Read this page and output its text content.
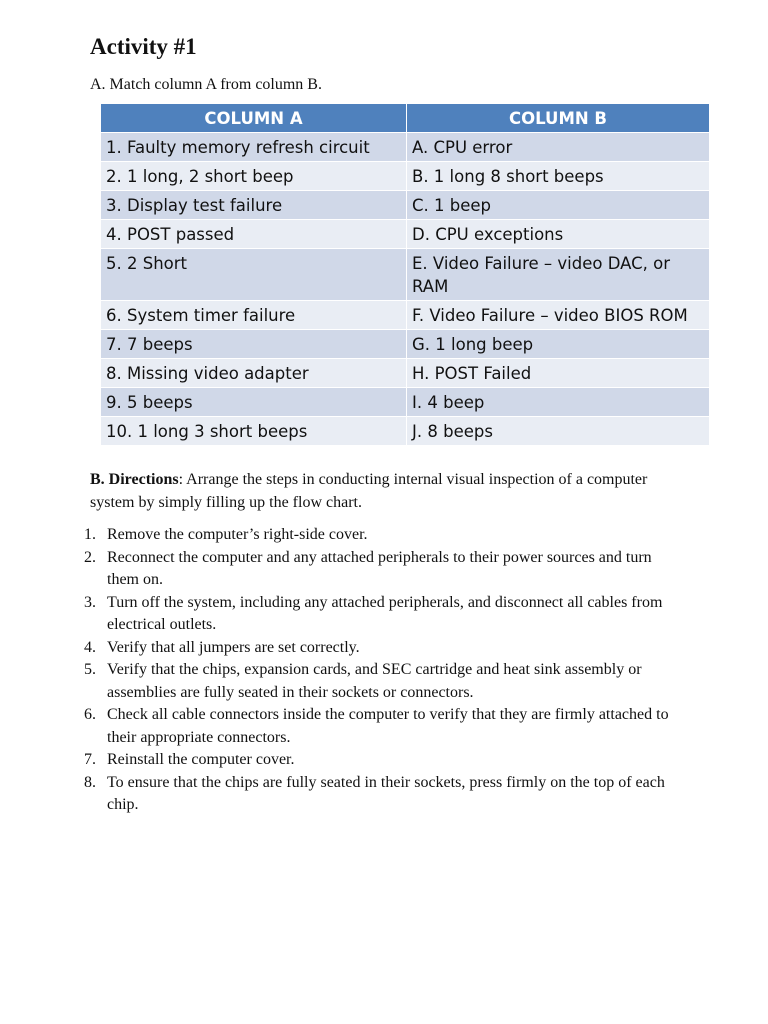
Activity #1

A. Match column A from column B.

COLUMN A	COLUMN B
1. Faulty memory refresh circuit	A. CPU error
2. 1 long, 2 short beep	B. 1 long 8 short beeps
3. Display test failure	C. 1 beep
4. POST passed	D. CPU exceptions
5. 2 Short	E. Video Failure – video DAC, or RAM
6. System timer failure	F. Video Failure – video BIOS ROM
7. 7 beeps	G. 1 long beep
8. Missing video adapter	H. POST Failed
9. 5 beeps	I. 4 beep
10. 1 long 3 short beeps	J. 8 beeps

B. Directions: Arrange the steps in conducting internal visual inspection of a computer system by simply filling up the flow chart.

1. Remove the computer’s right-side cover.
2. Reconnect the computer and any attached peripherals to their power sources and turn them on.
3. Turn off the system, including any attached peripherals, and disconnect all cables from electrical outlets.
4. Verify that all jumpers are set correctly.
5. Verify that the chips, expansion cards, and SEC cartridge and heat sink assembly or assemblies are fully seated in their sockets or connectors.
6. Check all cable connectors inside the computer to verify that they are firmly attached to their appropriate connectors.
7. Reinstall the computer cover.
8. To ensure that the chips are fully seated in their sockets, press firmly on the top of each chip.
